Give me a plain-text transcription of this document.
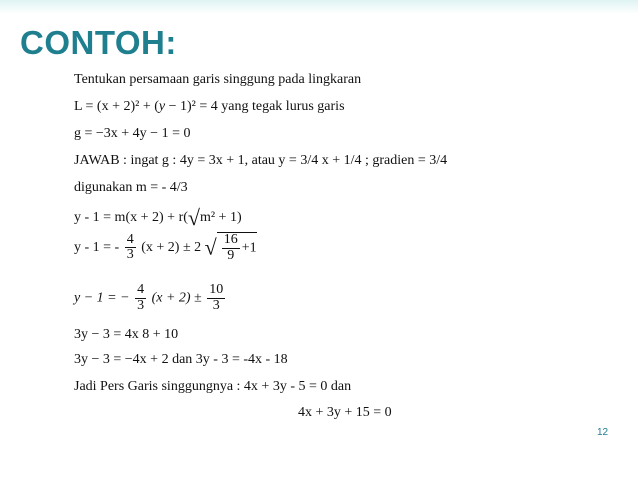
CONTOH:
Tentukan persamaan garis singgung pada lingkaran
L = (x + 2)² + (y − 1)² = 4 yang tegak lurus garis
g = −3x + 4y − 1 = 0
JAWAB : ingat g : 4y = 3x + 1, atau y = 3/4 x + 1/4 ; gradien = 3/4
digunakan m = - 4/3
y - 1 = m(x + 2) + r(√m² + 1)
y - 1 = - $\frac{4}{3} (x + 2) \pm 2$ √ $\frac{16}{9} +1$
y − 1 = − $\frac{4}{3} (x + 2) \pm \frac{10}{3}$
3y − 3 = 4x 8 + 10
3y − 3 = −4x + 2 dan 3y - 3 = -4x - 18
Jadi Pers Garis singgungnya : 4x + 3y - 5 = 0 dan
4x + 3y + 15 = 0
12
